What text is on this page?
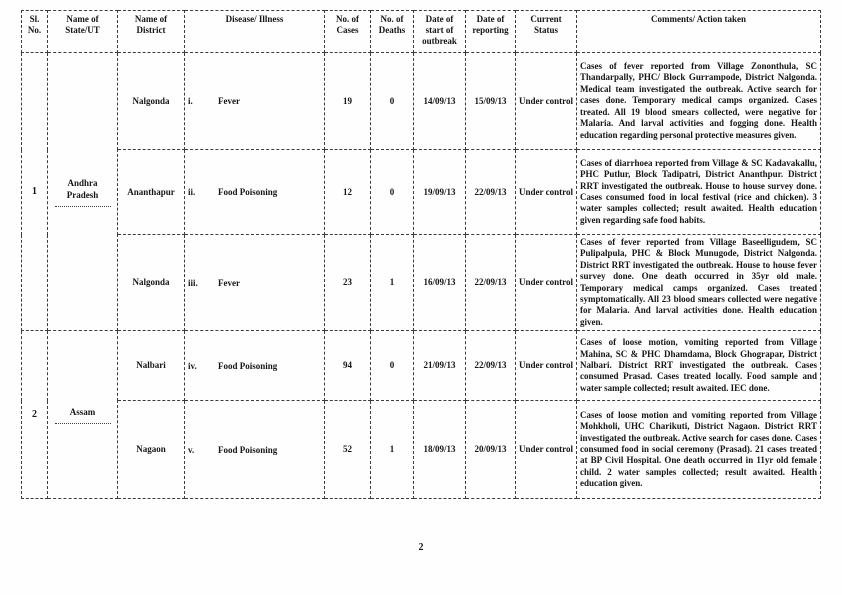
Sl. No.	Name of State/UT	Name of District	Disease/ Illness	No. of Cases	No. of Deaths	Date of start of outbreak	Date of reporting	Current Status	Comments/ Action taken
1	Andhra Pradesh	Nalgonda	i. Fever	19	0	14/09/13	15/09/13	Under control	Cases of fever reported from Village Zononthula, SC Thandarpally, PHC/ Block Gurrampode, District Nalgonda. Medical team investigated the outbreak. Active search for cases done. Temporary medical camps organized. Cases treated. All 19 blood smears collected, were negative for Malaria. And larval activities and fogging done. Health education regarding personal protective measures given.
		Ananthapur	ii. Food Poisoning	12	0	19/09/13	22/09/13	Under control	Cases of diarrhoea reported from Village & SC Kadavakallu, PHC Putlur, Block Tadipatri, District Ananthpur. District RRT investigated the outbreak. House to house survey done. Cases consumed food in local festival (rice and chicken). 3 water samples collected; result awaited. Health education given regarding safe food habits.
		Nalgonda	iii. Fever	23	1	16/09/13	22/09/13	Under control	Cases of fever reported from Village Baseelligudem, SC Pulipalpula, PHC & Block Munugode, District Nalgonda. District RRT investigated the outbreak. House to house fever survey done. One death occurred in 35yr old male. Temporary medical camps organized. Cases treated symptomatically. All 23 blood smears collected were negative for Malaria. And larval activities done. Health education given.
2	Assam	Nalbari	iv. Food Poisoning	94	0	21/09/13	22/09/13	Under control	Cases of loose motion, vomiting reported from Village Mahina, SC & PHC Dhamdama, Block Ghograpar, District Nalbari. District RRT investigated the outbreak. Cases consumed Prasad. Cases treated locally. Food sample and water sample collected; result awaited. IEC done.
		Nagaon	v. Food Poisoning	52	1	18/09/13	20/09/13	Under control	Cases of loose motion and vomiting reported from Village Mohkholi, UHC Charikuti, District Nagaon. District RRT investigated the outbreak. Active search for cases done. Cases consumed food in social ceremony (Prasad). 21 cases treated at BP Civil Hospital. One death occurred in 11yr old female child. 2 water samples collected; result awaited. Health education given.
2
